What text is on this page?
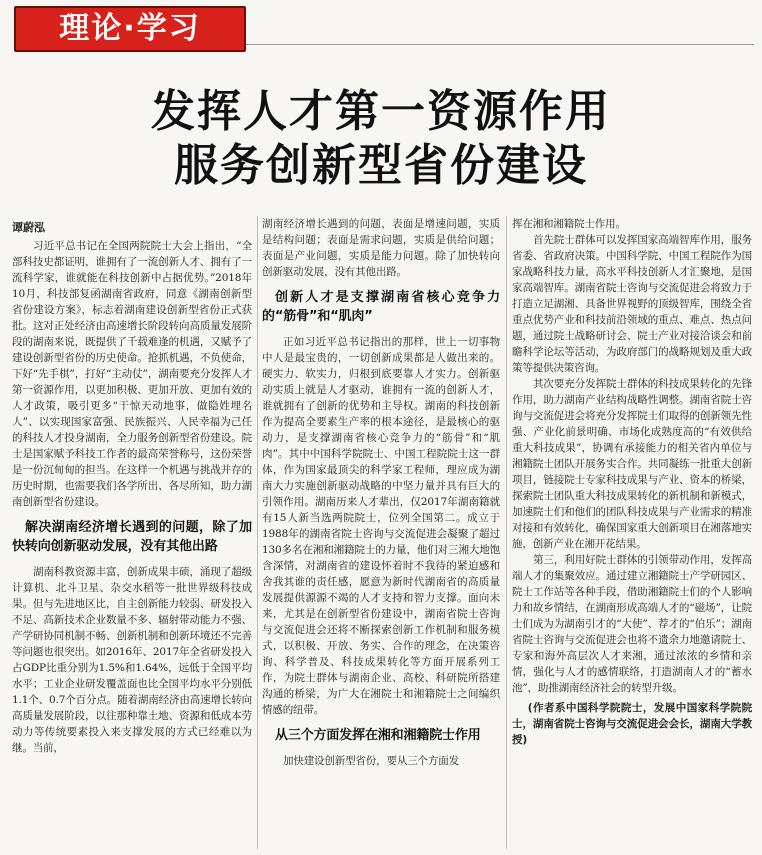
理论·学习
发挥人才第一资源作用
服务创新型省份建设
谭蔚泓

习近平总书记在全国两院院士大会上指出，“全部科技史都证明，谁拥有了一流创新人才、拥有了一流科学家，谁就能在科技创新中占据优势。”2018年10月，科技部复函湖南省政府，同意《湖南创新型省份建设方案》，标志着湖南建设创新型省份正式获批。这对正处经济由高速增长阶段转向高质量发展阶段的湖南来说，既提供了千载难逢的机遇，又赋予了建设创新型省份的历史使命。抢抓机遇，不负使命，下好“先手棋”，打好“主动仗”，湖南要充分发挥人才第一资源作用，以更加积极、更加开放、更加有效的人才政策，吸引更多“干惊天动地事，做隐姓埋名人”、以实现国家富强、民族振兴、人民幸福为己任的科技人才投身湖南，全力服务创新型省份建设。院士是国家赋予科技工作者的最高荣誉称号，这份荣誉是一份沉甸甸的担当。在这样一个机遇与挑战并存的历史时期，也需要我们各学所出、各尽所知，助力湖南创新型省份建设。

解决湖南经济增长遇到的问题，除了加快转向创新驱动发展，没有其他出路

湖南科教资源丰富，创新成果丰硕，涌现了超级计算机、北斗卫星、杂交水稻等一批世界级科技成果。但与先进地区比，自主创新能力较弱、研发投入不足、高新技术企业数量不多、辐射带动能力不强、产学研协同机制不畅、创新机制和创新环境还不完善等问题也很突出。如2016年、2017年全省研发投入占GDP比重分别为1.5%和1.64%，远低于全国平均水平；工业企业研发覆盖面也比全国平均水平分别低1.1个、0.7个百分点。随着湖南经济由高速增长转向高质量发展阶段，以往那种靠土地、资源和低成本劳动力等传统要素投入来支撑发展的方式已经难以为继。当前，

湖南经济增长遇到的问题，表面是增速问题，实质是结构问题；表面是需求问题，实质是供给问题；表面是产业问题，实质是能力问题。除了加快转向创新驱动发展，没有其他出路。

创新人才是支撑湖南省核心竞争力的“筋骨”和“肌肉”

正如习近平总书记指出的那样，世上一切事物中人是最宝贵的，一切创新成果都是人做出来的。硬实力、软实力，归根到底要靠人才实力。创新驱动实质上就是人才驱动，谁拥有一流的创新人才，谁就拥有了创新的优势和主导权。湖南的科技创新作为提高全要素生产率的根本途径，是最核心的驱动力，是支撑湖南省核心竞争力的“筋骨”和“肌肉”。其中中国科学院院士、中国工程院院士这一群体，作为国家最顶尖的科学家工程师，理应成为湖南大力实施创新驱动战略的中坚力量并具有巨大的引领作用。湖南历来人才辈出，仅2017年湖南籍就有15人新当选两院院士，位列全国第二。成立于1988年的湖南省院士咨询与交流促进会凝聚了超过130多名在湘和湘籍院士的力量，他们对三湘大地饱含深情，对湖南省的建设怀着时不我待的紧迫感和舍我其谁的责任感，愿意为新时代湖南省的高质量发展提供源源不竭的人才支持和智力支撑。面向未来，尤其是在创新型省份建设中，湖南省院士咨询与交流促进会还将不断探索创新工作机制和服务模式，以积极、开放、务实、合作的理念，在决策咨询、科学普及、科技成果转化等方面开展系列工作，为院士群体与湖南企业、高校、科研院所搭建沟通的桥梁，为广大在湘院士和湘籍院士之间编织情感的纽带。

从三个方面发挥在湘和湘籍院士作用

加快建设创新型省份，要从三个方面发

挥在湘和湘籍院士作用。

首先院士群体可以发挥国家高端智库作用，服务省委、省政府决策。中国科学院、中国工程院作为国家战略科技力量，高水平科技创新人才汇聚地，是国家高端智库。湖南省院士咨询与交流促进会将致力于打造立足湖湘、具备世界视野的顶级智库，围绕全省重点优势产业和科技前沿领域的重点、难点、热点问题，通过院士战略研讨会、院士产业对接洽谈会和前瞻科学论坛等活动，为政府部门的战略规划及重大政策等提供决策咨询。

其次要充分发挥院士群体的科技成果转化的先锋作用，助力湖南产业结构战略性调整。湖南省院士咨询与交流促进会将充分发挥院士们取得的创新领先性强、产业化前景明确、市场化成熟度高的“有效供给重大科技成果”，协调有承接能力的相关省内单位与湘籍院士团队开展务实合作。共同凝练一批重大创新项目，链接院士专家科技成果与产业、资本的桥梁，探索院士团队重大科技成果转化的新机制和新模式，加速院士们和他们的团队科技成果与产业需求的精准对接和有效转化，确保国家重大创新项目在湘落地实施，创新产业在湘开花结果。

第三，利用好院士群体的引领带动作用，发挥高端人才的集聚效应。通过建立湘籍院士产学研园区、院士工作站等各种手段，借助湘籍院士们的个人影响力和故乡情结，在湖南形成高端人才的“磁场”，让院士们成为为湖南引才的“大使”、荐才的“伯乐”；湖南省院士咨询与交流促进会也将不遗余力地邀请院士、专家和海外高层次人才来湘，通过浓浓的乡情和亲情，强化与人才的感情联络，打造湖南人才的“蓄水池”，助推湖南经济社会的转型升级。

(作者系中国科学院院士，发展中国家科学院院士，湖南省院士咨询与交流促进会会长，湖南大学教授)
